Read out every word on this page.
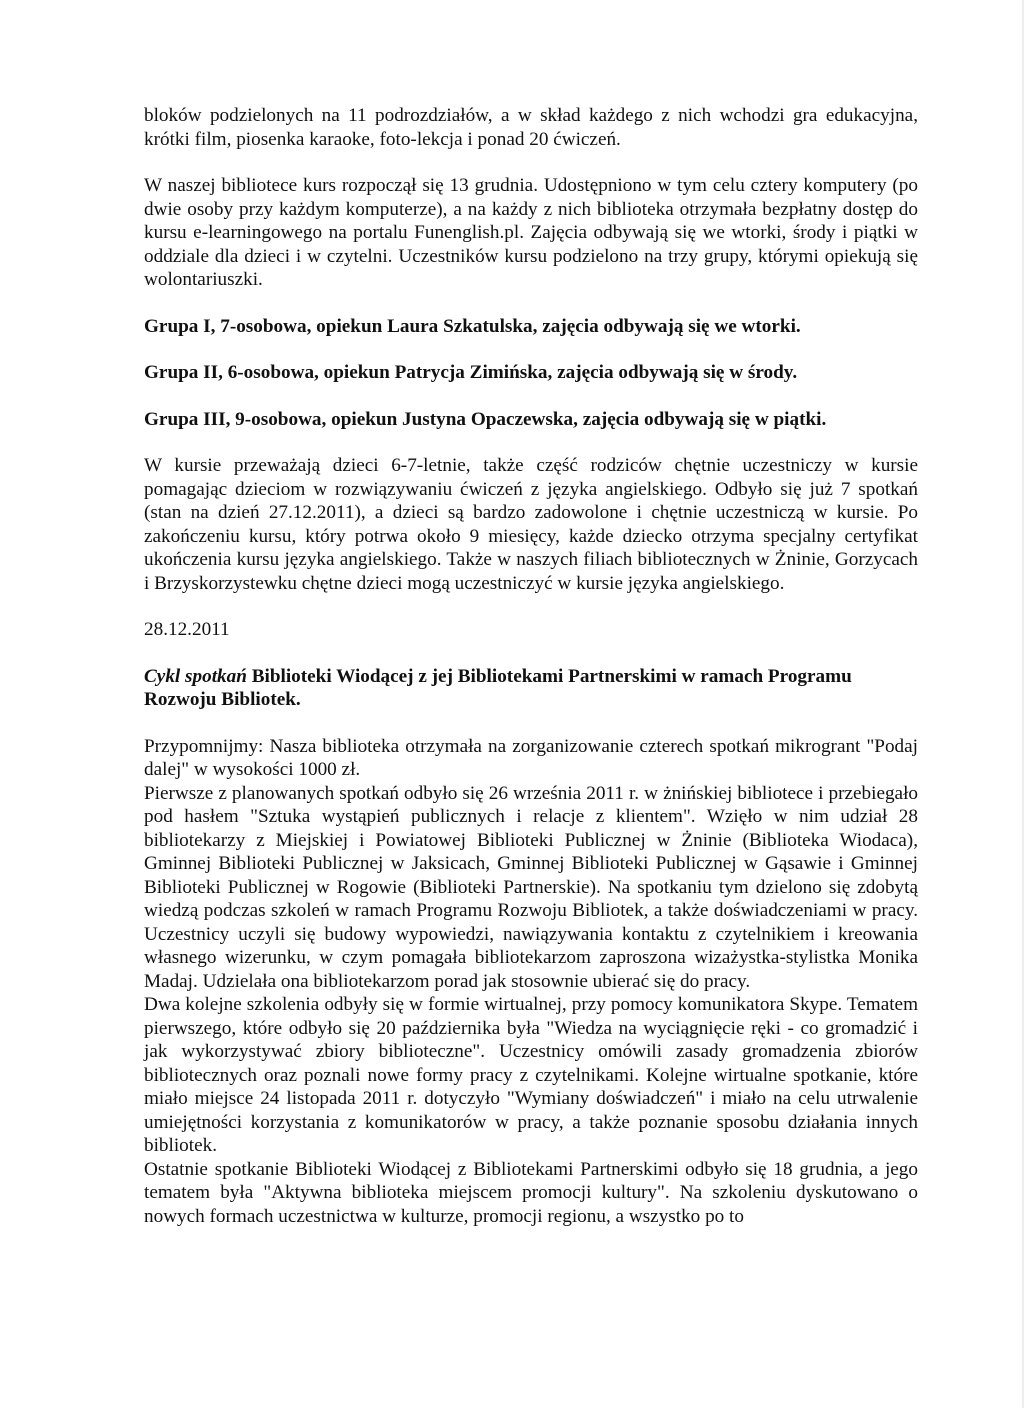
bloków podzielonych na 11 podrozdziałów, a w skład każdego z nich wchodzi gra edukacyjna, krótki film, piosenka karaoke, foto-lekcja i ponad 20 ćwiczeń.

W naszej bibliotece kurs rozpoczął się 13 grudnia. Udostępniono w tym celu cztery komputery (po dwie osoby przy każdym komputerze), a na każdy z nich biblioteka otrzymała bezpłatny dostęp do kursu e-learningowego na portalu Funenglish.pl. Zajęcia odbywają się we wtorki, środy i piątki w oddziale dla dzieci i w czytelni. Uczestników kursu podzielono na trzy grupy, którymi opiekują się wolontariuszki.

Grupa I, 7-osobowa, opiekun Laura Szkatulska, zajęcia odbywają się we wtorki.

Grupa II, 6-osobowa, opiekun Patrycja Zimińska, zajęcia odbywają się w środy.

Grupa III, 9-osobowa, opiekun Justyna Opaczewska, zajęcia odbywają się w piątki.

W kursie przeważają dzieci 6-7-letnie, także część rodziców chętnie uczestniczy w kursie pomagając dzieciom w rozwiązywaniu ćwiczeń z języka angielskiego. Odbyło się już 7 spotkań (stan na dzień 27.12.2011), a dzieci są bardzo zadowolone i chętnie uczestniczą w kursie. Po zakończeniu kursu, który potrwa około 9 miesięcy, każde dziecko otrzyma specjalny certyfikat ukończenia kursu języka angielskiego. Także w naszych filiach bibliotecznych w Żninie, Gorzycach i Brzyskorzystewku chętne dzieci mogą uczestniczyć w kursie języka angielskiego.

28.12.2011

Cykl spotkań Biblioteki Wiodącej z jej Bibliotekami Partnerskimi w ramach Programu Rozwoju Bibliotek.

Przypomnijmy: Nasza biblioteka otrzymała na zorganizowanie czterech spotkań mikrogrant "Podaj dalej" w wysokości 1000 zł.

Pierwsze z planowanych spotkań odbyło się 26 września 2011 r. w żnińskiej bibliotece i przebiegało pod hasłem "Sztuka wystąpień publicznych i relacje z klientem". Wzięło w nim udział 28 bibliotekarzy z Miejskiej i Powiatowej Biblioteki Publicznej w Żninie (Biblioteka Wiodaca), Gminnej Biblioteki Publicznej w Jaksicach, Gminnej Biblioteki Publicznej w Gąsawie i Gminnej Biblioteki Publicznej w Rogowie (Biblioteki Partnerskie). Na spotkaniu tym dzielono się zdobytą wiedzą podczas szkoleń w ramach Programu Rozwoju Bibliotek, a także doświadczeniami w pracy. Uczestnicy uczyli się budowy wypowiedzi, nawiązywania kontaktu z czytelnikiem i kreowania własnego wizerunku, w czym pomagała bibliotekarzom zaproszona wizażystka-stylistka Monika Madaj. Udzielała ona bibliotekarzom porad jak stosownie ubierać się do pracy.

Dwa kolejne szkolenia odbyły się w formie wirtualnej, przy pomocy komunikatora Skype. Tematem pierwszego, które odbyło się 20 października była "Wiedza na wyciągnięcie ręki - co gromadzić i jak wykorzystywać zbiory biblioteczne". Uczestnicy omówili zasady gromadzenia zbiorów bibliotecznych oraz poznali nowe formy pracy z czytelnikami. Kolejne wirtualne spotkanie, które miało miejsce 24 listopada 2011 r. dotyczyło "Wymiany doświadczeń" i miało na celu utrwalenie umiejętności korzystania z komunikatorów w pracy, a także poznanie sposobu działania innych bibliotek.

Ostatnie spotkanie Biblioteki Wiodącej z Bibliotekami Partnerskimi odbyło się 18 grudnia, a jego tematem była "Aktywna biblioteka miejscem promocji kultury". Na szkoleniu dyskutowano o nowych formach uczestnictwa w kulturze, promocji regionu, a wszystko po to
